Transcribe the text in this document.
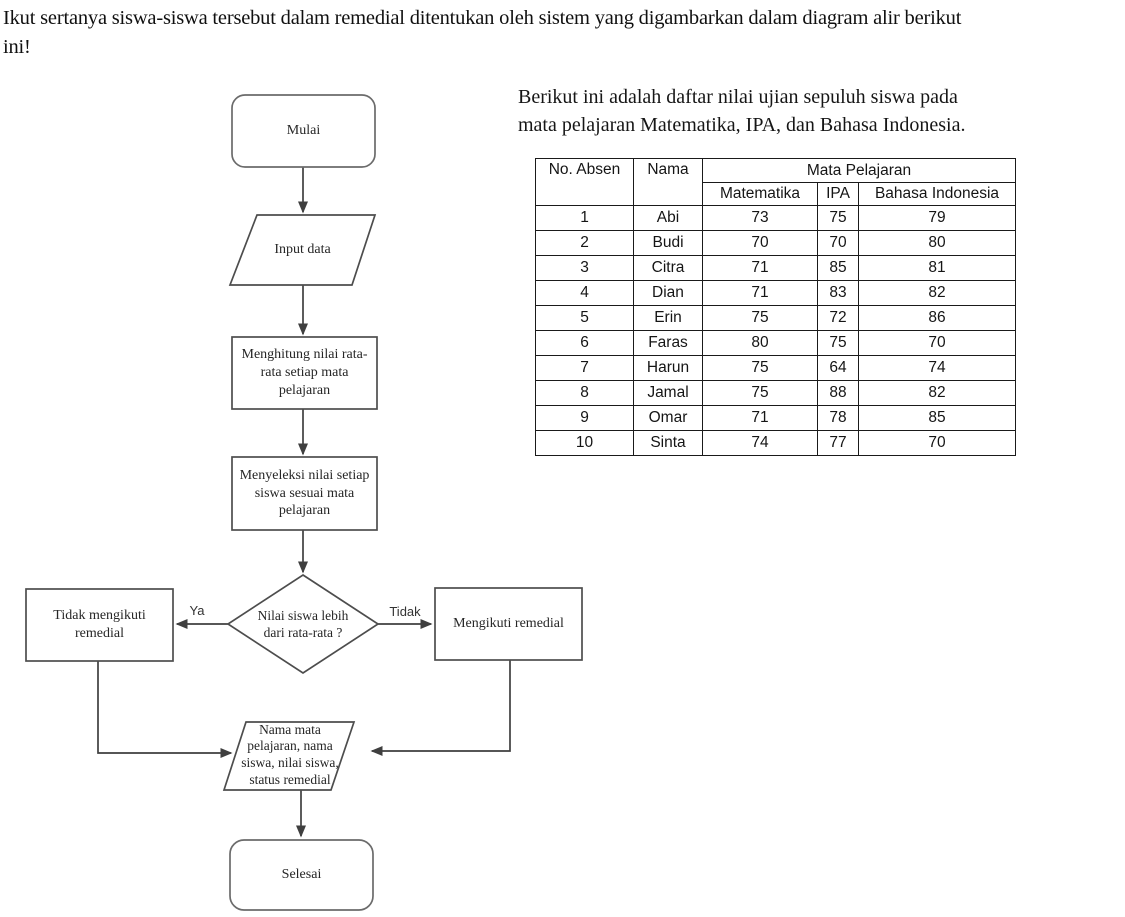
Ikut sertanya siswa-siswa tersebut dalam remedial ditentukan oleh sistem yang digambarkan dalam diagram alir berikut
ini!
Berikut ini adalah daftar nilai ujian sepuluh siswa pada
mata pelajaran Matematika, IPA, dan Bahasa Indonesia.
Mulai
Input data
Menghitung nilai rata-rata setiap mata pelajaran
Menyeleksi nilai setiap siswa sesuai mata pelajaran
Nilai siswa lebih dari rata-rata ?
Tidak mengikuti remedial
Mengikuti remedial
Nama mata pelajaran, nama siswa, nilai siswa, status remedial
Selesai
Ya	Tidak
No. Absen	Nama	Mata Pelajaran		
		Matematika	IPA	Bahasa Indonesia
1	Abi	73	75	79
2	Budi	70	70	80
3	Citra	71	85	81
4	Dian	71	83	82
5	Erin	75	72	86
6	Faras	80	75	70
7	Harun	75	64	74
8	Jamal	75	88	82
9	Omar	71	78	85
10	Sinta	74	77	70
